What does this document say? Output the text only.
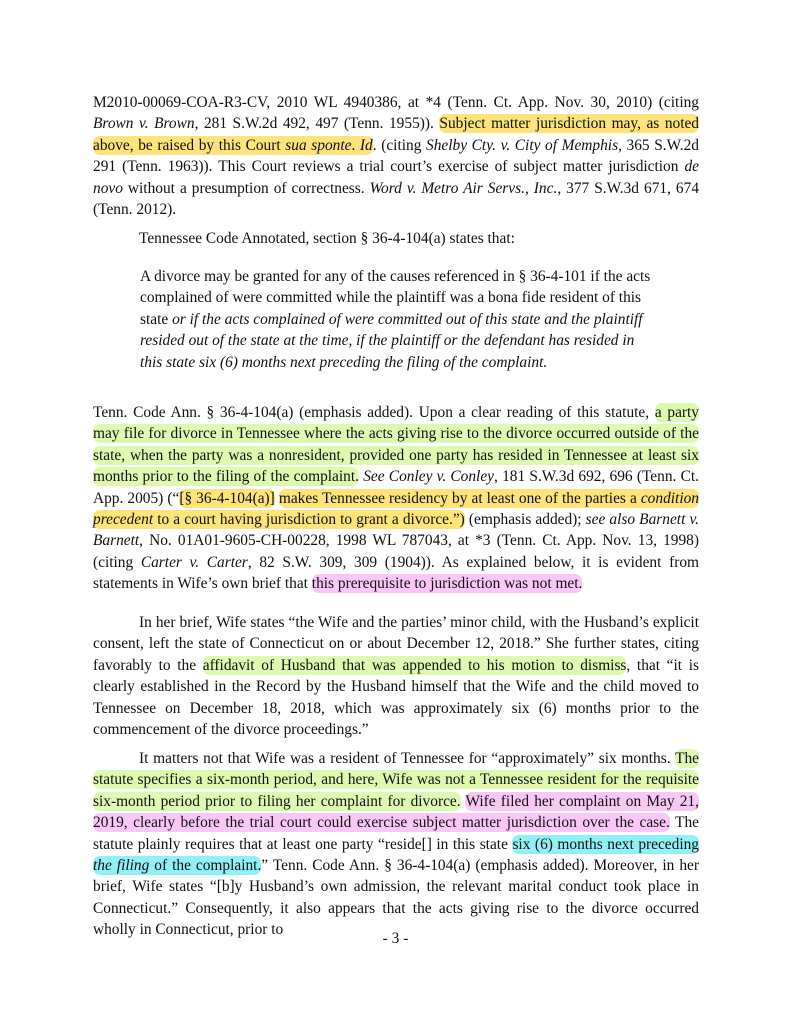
M2010-00069-COA-R3-CV, 2010 WL 4940386, at *4 (Tenn. Ct. App. Nov. 30, 2010) (citing Brown v. Brown, 281 S.W.2d 492, 497 (Tenn. 1955)). Subject matter jurisdiction may, as noted above, be raised by this Court sua sponte. Id. (citing Shelby Cty. v. City of Memphis, 365 S.W.2d 291 (Tenn. 1963)). This Court reviews a trial court’s exercise of subject matter jurisdiction de novo without a presumption of correctness. Word v. Metro Air Servs., Inc., 377 S.W.3d 671, 674 (Tenn. 2012).
Tennessee Code Annotated, section § 36-4-104(a) states that:
A divorce may be granted for any of the causes referenced in § 36-4-101 if the acts complained of were committed while the plaintiff was a bona fide resident of this state or if the acts complained of were committed out of this state and the plaintiff resided out of the state at the time, if the plaintiff or the defendant has resided in this state six (6) months next preceding the filing of the complaint.
Tenn. Code Ann. § 36-4-104(a) (emphasis added). Upon a clear reading of this statute, a party may file for divorce in Tennessee where the acts giving rise to the divorce occurred outside of the state, when the party was a nonresident, provided one party has resided in Tennessee at least six months prior to the filing of the complaint. See Conley v. Conley, 181 S.W.3d 692, 696 (Tenn. Ct. App. 2005) (“[§ 36-4-104(a)] makes Tennessee residency by at least one of the parties a condition precedent to a court having jurisdiction to grant a divorce.”) (emphasis added); see also Barnett v. Barnett, No. 01A01-9605-CH-00228, 1998 WL 787043, at *3 (Tenn. Ct. App. Nov. 13, 1998) (citing Carter v. Carter, 82 S.W. 309, 309 (1904)). As explained below, it is evident from statements in Wife’s own brief that this prerequisite to jurisdiction was not met.
In her brief, Wife states “the Wife and the parties’ minor child, with the Husband’s explicit consent, left the state of Connecticut on or about December 12, 2018.” She further states, citing favorably to the affidavit of Husband that was appended to his motion to dismiss, that “it is clearly established in the Record by the Husband himself that the Wife and the child moved to Tennessee on December 18, 2018, which was approximately six (6) months prior to the commencement of the divorce proceedings.”
It matters not that Wife was a resident of Tennessee for “approximately” six months. The statute specifies a six-month period, and here, Wife was not a Tennessee resident for the requisite six-month period prior to filing her complaint for divorce. Wife filed her complaint on May 21, 2019, clearly before the trial court could exercise subject matter jurisdiction over the case. The statute plainly requires that at least one party “reside[] in this state six (6) months next preceding the filing of the complaint.” Tenn. Code Ann. § 36-4-104(a) (emphasis added). Moreover, in her brief, Wife states “[b]y Husband’s own admission, the relevant marital conduct took place in Connecticut.” Consequently, it also appears that the acts giving rise to the divorce occurred wholly in Connecticut, prior to
- 3 -
